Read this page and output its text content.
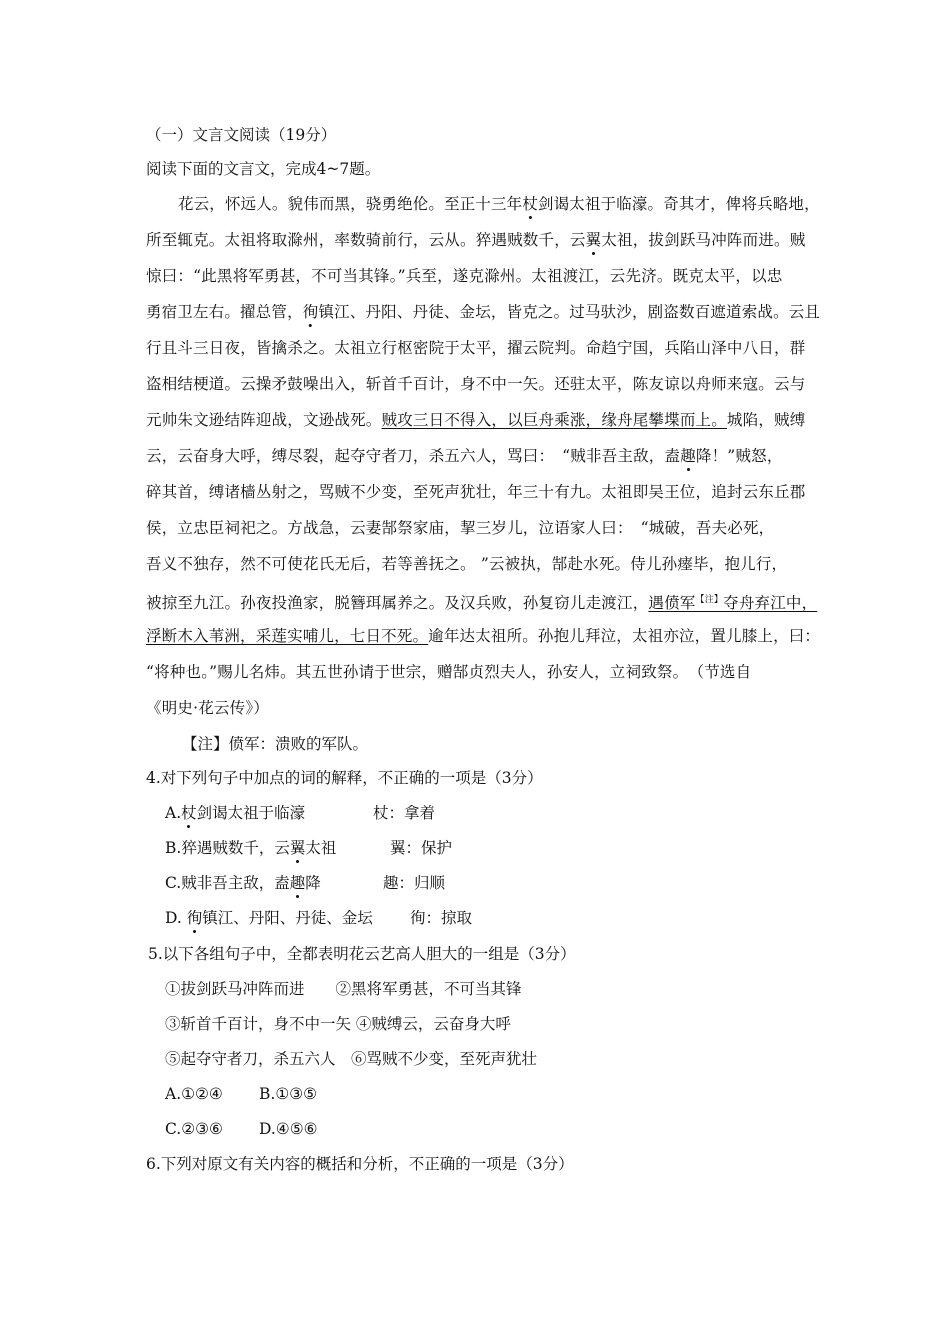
（一）文言文阅读（19分）
阅读下面的文言文，完成4~7题。
花云，怀远人。貌伟而黑，骁勇绝伦。至正十三年杖剑谒太祖于临濠。奇其才，俾将兵略地，
所至辄克。太祖将取滁州，率数骑前行，云从。猝遇贼数千，云翼太祖，拔剑跃马冲阵而进。贼
惊曰：“此黑将军勇甚，不可当其锋。”兵至，遂克滁州。太祖渡江，云先济。既克太平，以忠
勇宿卫左右。擢总管，徇镇江、丹阳、丹徒、金坛，皆克之。过马驮沙，剧盗数百遮道索战。云且
行且斗三日夜，皆擒杀之。太祖立行枢密院于太平，擢云院判。命趋宁国，兵陷山泽中八日，群
盗相结梗道。云操矛鼓噪出入，斩首千百计，身不中一矢。还驻太平，陈友谅以舟师来寇。云与
元帅朱文逊结阵迎战，文逊战死。贼攻三日不得入，以巨舟乘涨，缘舟尾攀堞而上。城陷，贼缚
云，云奋身大呼，缚尽裂，起夺守者刀，杀五六人，骂曰：　“贼非吾主敌，盍趣降！”贼怒，
碎其首，缚诸樯丛射之，骂贼不少变，至死声犹壮，年三十有九。太祖即吴王位，追封云东丘郡
侯，立忠臣祠祀之。方战急，云妻郜祭家庙，挈三岁儿，泣语家人曰：　“城破，吾夫必死，
吾义不独存，然不可使花氏无后，若等善抚之。 ”云被执，郜赴水死。侍儿孙瘗毕，抱儿行，
被掠至九江。孙夜投渔家，脱簪珥属养之。及汉兵败，孙复窃儿走渡江，遇偾军$^{【注】}$夺舟弃江中，
浮断木入苇洲，采莲实哺儿，七日不死。逾年达太祖所。孙抱儿拜泣，太祖亦泣，置儿膝上，曰：
“将种也。”赐儿名炜。其五世孙请于世宗，赠郜贞烈夫人，孙安人，立祠致祭。　（节选自
《明史·花云传》）
【注】偾军：溃败的军队。
4.对下列句子中加点的词的解释，不正确的一项是（3分）
A.杖剑谒太祖于临濠	杖：拿着
B.猝遇贼数千，云翼太祖	翼：保护
C.贼非吾主敌，盍趣降	趣：归顺
D. 徇镇江、丹阳、丹徒、金坛 徇：掠取
5.以下各组句子中，全都表明花云艺高人胆大的一组是（3分）
①拔剑跃马冲阵而进　　②黑将军勇甚，不可当其锋
③斩首千百计，身不中一矢 ④贼缚云，云奋身大呼
⑤起夺守者刀，杀五六人　⑥骂贼不少变，至死声犹壮
A.①②④ B.①③⑤
C.②③⑥ D.④⑤⑥
6.下列对原文有关内容的概括和分析，不正确的一项是（3分）
